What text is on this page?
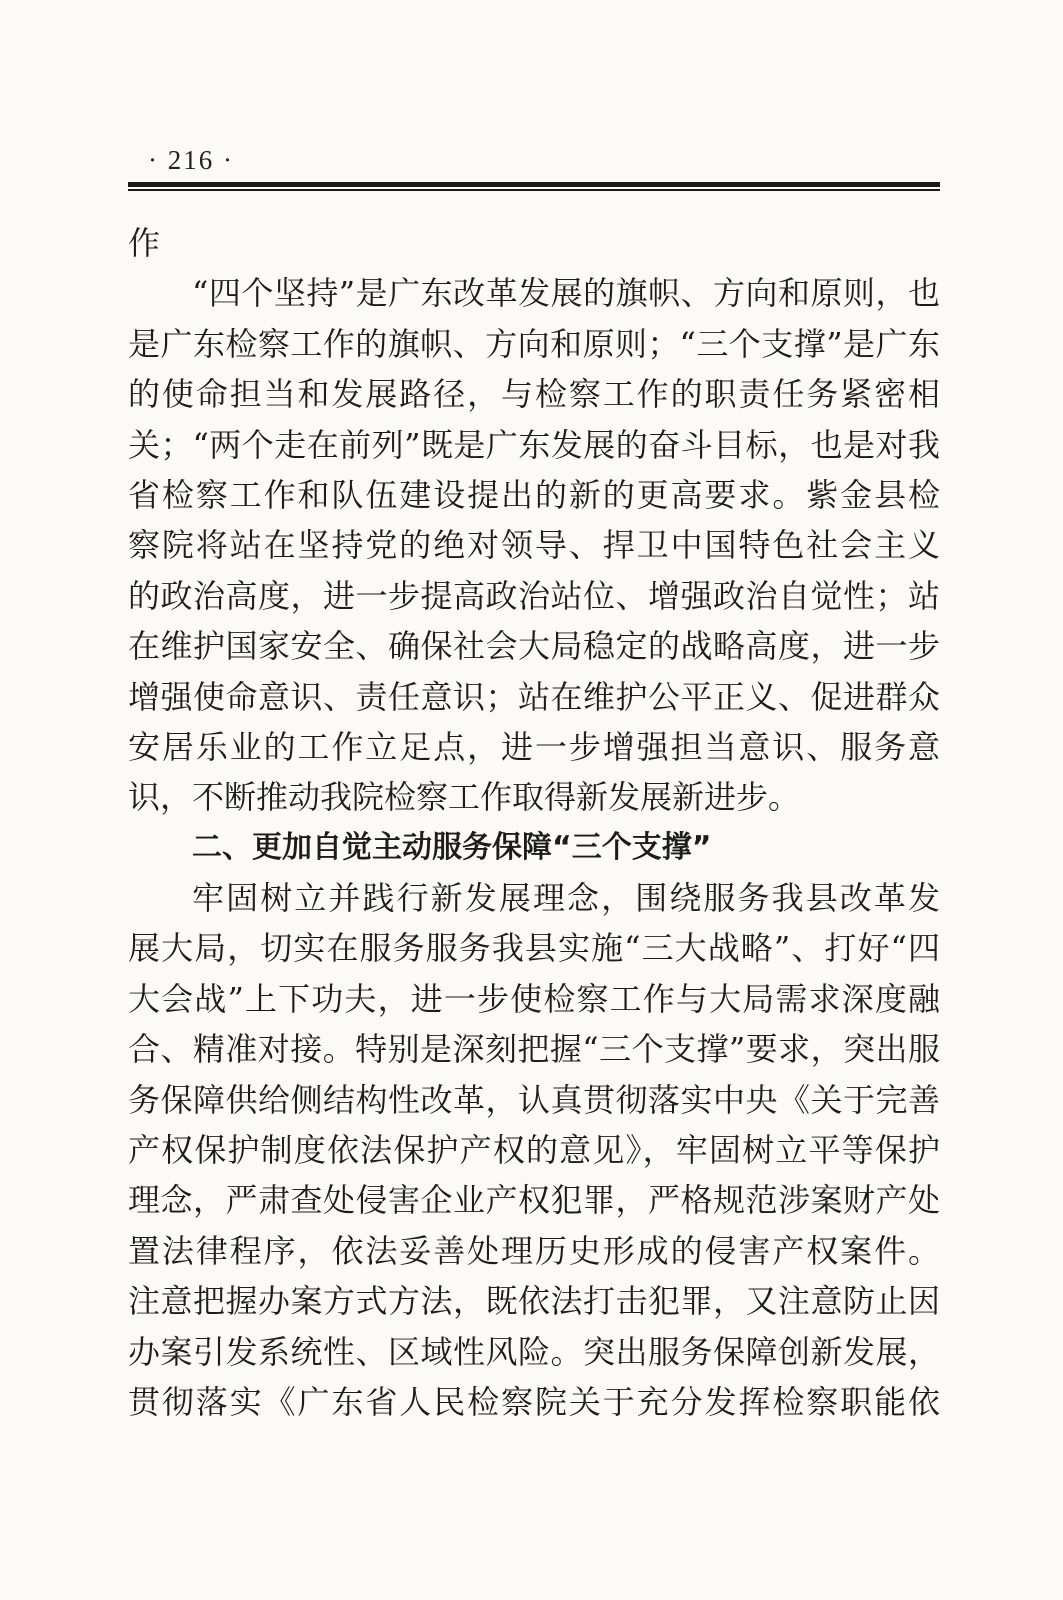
· 216 ·
作
“四个坚持”是广东改革发展的旗帜、方向和原则，也
是广东检察工作的旗帜、方向和原则；“三个支撑”是广东
的使命担当和发展路径，与检察工作的职责任务紧密相
关；“两个走在前列”既是广东发展的奋斗目标，也是对我
省检察工作和队伍建设提出的新的更高要求。紫金县检
察院将站在坚持党的绝对领导、捍卫中国特色社会主义
的政治高度，进一步提高政治站位、增强政治自觉性；站
在维护国家安全、确保社会大局稳定的战略高度，进一步
增强使命意识、责任意识；站在维护公平正义、促进群众
安居乐业的工作立足点，进一步增强担当意识、服务意
识，不断推动我院检察工作取得新发展新进步。
二、更加自觉主动服务保障“三个支撑”
牢固树立并践行新发展理念，围绕服务我县改革发
展大局，切实在服务服务我县实施“三大战略”、打好“四
大会战”上下功夫，进一步使检察工作与大局需求深度融
合、精准对接。特别是深刻把握“三个支撑”要求，突出服
务保障供给侧结构性改革，认真贯彻落实中央《关于完善
产权保护制度依法保护产权的意见》，牢固树立平等保护
理念，严肃查处侵害企业产权犯罪，严格规范涉案财产处
置法律程序，依法妥善处理历史形成的侵害产权案件。
注意把握办案方式方法，既依法打击犯罪，又注意防止因
办案引发系统性、区域性风险。突出服务保障创新发展，
贯彻落实《广东省人民检察院关于充分发挥检察职能依
